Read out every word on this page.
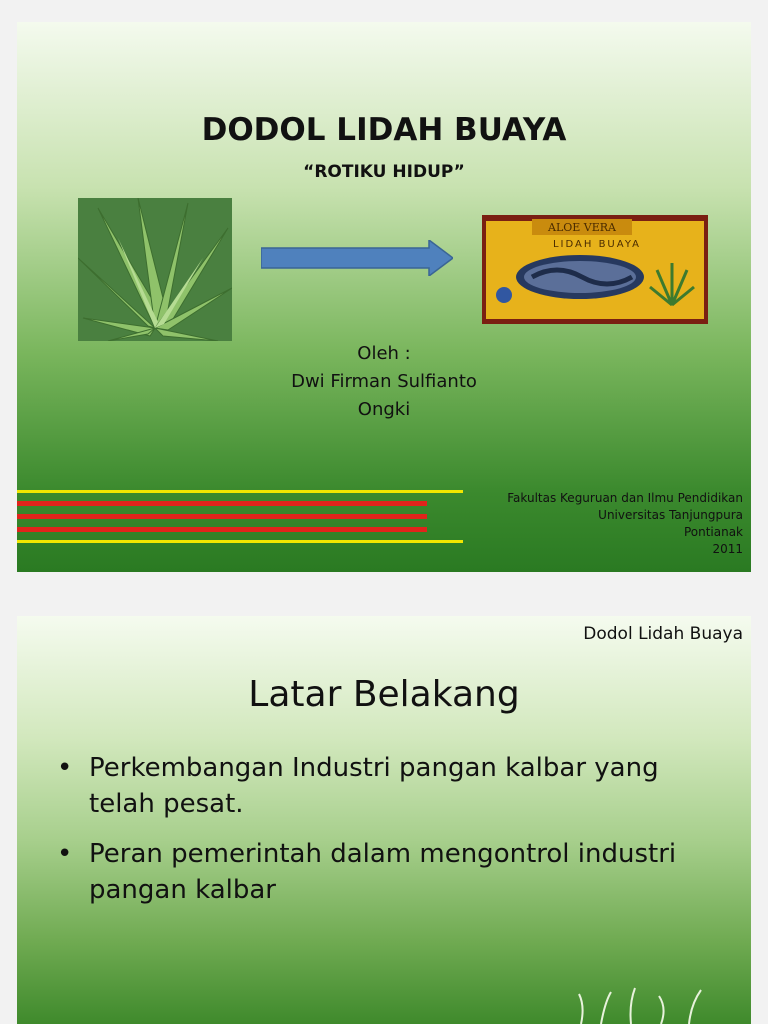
DODOL LIDAH BUAYA
“ROTIKU HIDUP”
ALOE VERA
LIDAH BUAYA
Oleh :
Dwi Firman Sulfianto
Ongki
Fakultas Keguruan dan Ilmu Pendidikan
Universitas Tanjungpura
Pontianak
2011
Dodol Lidah Buaya
Latar Belakang
• Perkembangan Industri pangan kalbar yang telah pesat.
• Peran pemerintah dalam mengontrol industri pangan kalbar
